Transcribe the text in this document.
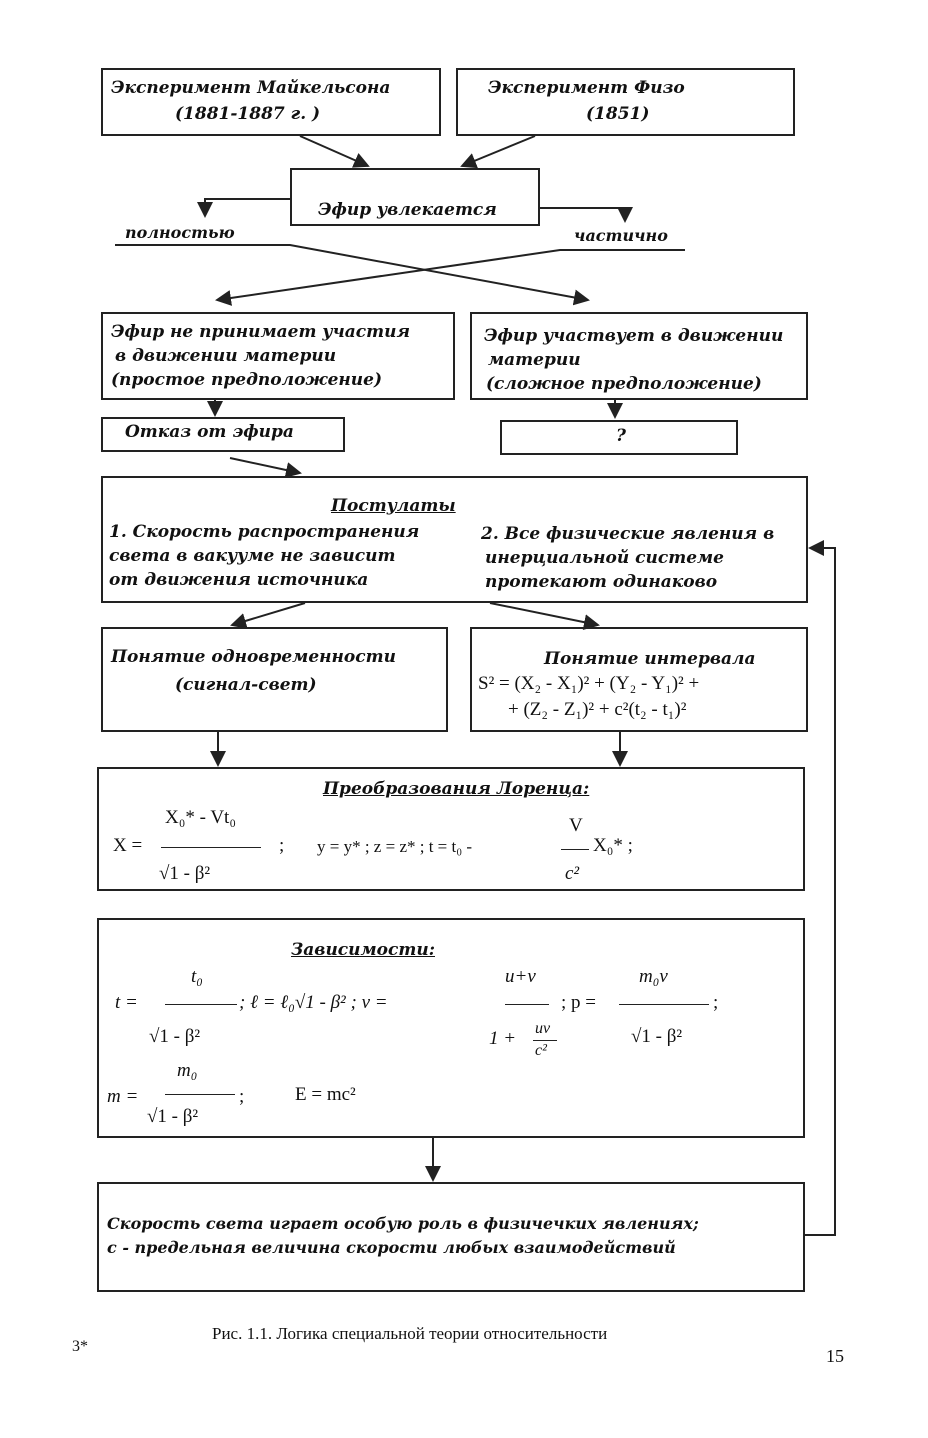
Эксперимент Майкельсона
(1881-1887 г. )
Эксперимент Физо
(1851)
Эфир увлекается
полностью	частично
Эфир не принимает участия
в движении материи
(простое предположение)
Эфир участвует в движении
материи
(сложное предположение)
Отказ от эфира	?
Постулаты
1. Скорость распространения
света в вакууме не зависит
от движения источника
2. Все физические явления в
инерциальной системе
протекают одинаково
Понятие одновременности
(сигнал-свет)
Понятие интервала
S² = (X₂ - X₁)² + (Y₂ - Y₁)² +
+ (Z₂ - Z₁)² + c²(t₂ - t₁)²
Преобразования Лоренца:
X =
X₀* - Vt₀
√1 - β²
; y = y* ; z = z* ; t = t₀ -
V
c²
X₀* ;
Зависимости:
t =
t₀
√1 - β²
; ℓ = ℓ₀√1 - β² ; v =
u+v
1 + uv
c²
; p =
m₀v
√1 - β²
;
m =
m₀
√1 - β²
;	E = mc²
Скорость света играет особую роль в физичечких явлениях;
c - предельная величина скорости любых взаимодействий
Рис. 1.1. Логика специальной теории относительности
3*	15
